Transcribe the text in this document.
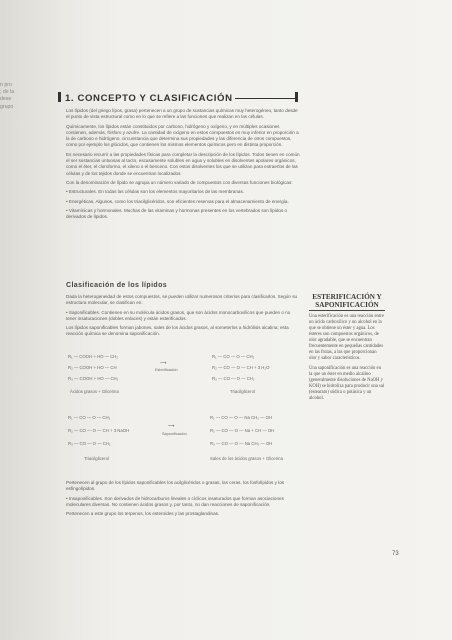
n pro
; de la
dese
grupo
1. CONCEPTO Y CLASIFICACIÓN

Los lípidos (del griego lípos, grasa) pertenecen a un grupo de sustancias químicas muy heterogéneo, tanto desde el punto de vista estructural como en lo que se refiere a las funciones que realizan en las células.

Químicamente, los lípidos están constituidos por carbono, hidrógeno y oxígeno, y en múltiples ocasiones contienen, además, fósforo y azufre. La cantidad de oxígeno en estos compuestos es muy inferior en proporción a la de carbono e hidrógeno, circunstancia que determina sus propiedades y las diferencia de otros compuestos, como por ejemplo los glúcidos, que contienen los mismos elementos químicos pero en distinta proporción.

Es necesario recurrir a las propiedades físicas para completar la descripción de los lípidos. Todos tienen en común el ser sustancias untuosas al tacto, escasamente solubles en agua y solubles en disolventes apolares orgánicos, como el éter, el cloroformo, el xileno o el benceno. Con estos disolventes los que se utilizan para extraerlos de las células y de los tejidos donde se encuentran localizados.

Con la denominación de lípido se agrupa un número variado de compuestos con diversas funciones biológicas:

• Estructurales. En todas las células son los elementos mayoritarios de las membranas.

• Energéticas. Algunos, como los triacilglicéridos, son eficientes reservas para el almacenamiento de energía.

• Vitamínicas y hormonales. Muchas de las vitaminas y hormonas presentes en los vertebrados son lípidos o derivados de lípidos.

Clasificación de los lípidos

Dada la heterogeneidad de estos compuestos, se pueden utilizar numerosos criterios para clasificarlos. Según su estructura molecular, se clasifican en:

• Saponificables. Contienen en su molécula ácidos grasos, que son ácidos monocarboxílicos que pueden o no tener insaturaciones (dobles enlaces) y están esterificados.

Los lípidos saponificables forman jabones, sales de los ácidos grasos, al someterlos a hidrólisis alcalina; esta reacción química se denomina saponificación.

R₁ — COOH + HO — CH₂
R₂ — COOH + HO — CH
R₃ — COOH + HO — CH₂
⟶
Esterificación
Ácidos grasos + Glicerina
R₁ — CO — O — CH₂
R₂ — CO — O — CH + 3 H₂O
R₃ — CO — O — CH₂
Triacilglicerol
R₁ — CO — O — CH₂
R₂ — CO — O — CH + 3 NaOH
R₃ — CO — O — CH₂
⟶
Saponificación
Triacilglicerol
R₁ — CO — O — Na CH₂ — OH
R₂ — CO — O — Na + CH — OH
R₃ — CO — O — Na CH₂ — OH
Sales de los ácidos grasos + Glicerina

Pertenecen al grupo de los lípidos saponificables los acilglicéridos o grasas, las ceras, los fosfolípidos y los esfingolípidos.

• Insaponificables. Son derivados de hidrocarburos lineales o cíclicos insaturados que forman asociaciones moleculares diversas. No contienen ácidos grasos y, por tanto, no dan reacciones de saponificación.

Pertenecen a este grupo los terpenos, los esteroides y las prostaglandinas.

ESTERIFICACIÓN Y SAPONIFICACIÓN

Una esterificación es una reacción entre un ácido carboxílico y un alcohol en la que se obtiene un éster y agua. Los ésteres son compuestos orgánicos, de olor agradable, que se encuentran frecuentemente en pequeñas cantidades en las frutas, a las que proporcionan olor y sabor característicos.

Una saponificación es una reacción en la que un éster en medio alcalino (generalmente disoluciones de NaOH y KOH) se hidroliza para producir una sal (estearato) sódica o potásica y un alcohol.

73
